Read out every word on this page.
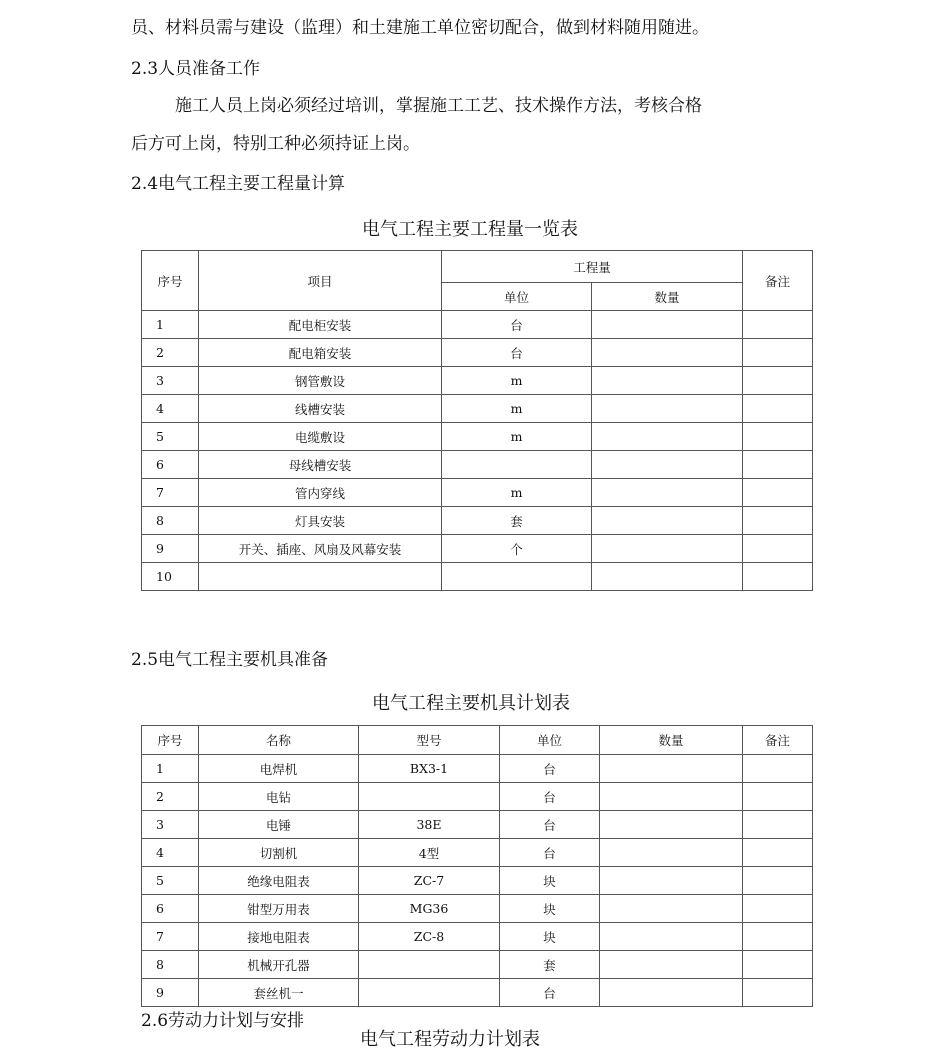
员、材料员需与建设（监理）和土建施工单位密切配合，做到材料随用随进。
2.3人员准备工作
施工人员上岗必须经过培训，掌握施工工艺、技术操作方法，考核合格
后方可上岗，特别工种必须持证上岗。
2.4电气工程主要工程量计算
电气工程主要工程量一览表
序号	项目	工程量		备注
		单位	数量	
1	配电柜安装	台		
2	配电箱安装	台		
3	钢管敷设	m		
4	线槽安装	m		
5	电缆敷设	m		
6	母线槽安装			
7	管内穿线	m		
8	灯具安装	套		
9	开关、插座、风扇及风幕安装	个		
10				
2.5电气工程主要机具准备
电气工程主要机具计划表
序号	名称	型号	单位	数量	备注
1	电焊机	BX3-1	台		
2	电钻		台		
3	电锤	38E	台		
4	切割机	4型	台		
5	绝缘电阻表	ZC-7	块		
6	钳型万用表	MG36	块		
7	接地电阻表	ZC-8	块		
8	机械开孔器		套		
9	套丝机一		台		
2.6劳动力计划与安排
电气工程劳动力计划表
